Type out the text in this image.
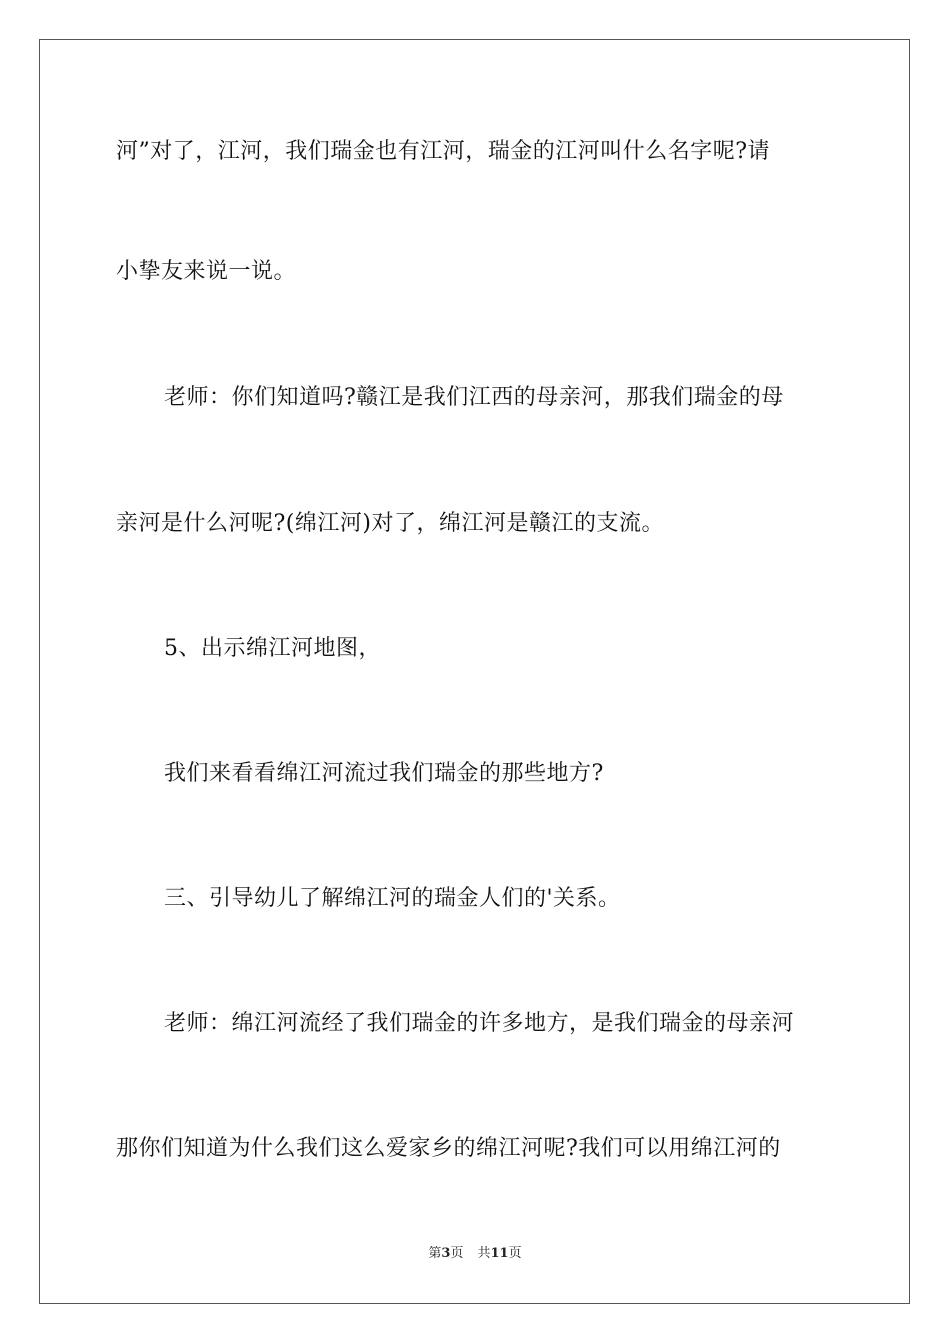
河”对了，江河，我们瑞金也有江河，瑞金的江河叫什么名字呢?请
小挚友来说一说。
老师：你们知道吗?赣江是我们江西的母亲河，那我们瑞金的母
亲河是什么河呢?(绵江河)对了，绵江河是赣江的支流。
5、出示绵江河地图，
我们来看看绵江河流过我们瑞金的那些地方?
三、引导幼儿了解绵江河的瑞金人们的'关系。
老师：绵江河流经了我们瑞金的许多地方，是我们瑞金的母亲河
那你们知道为什么我们这么爱家乡的绵江河呢?我们可以用绵江河的
第3页 共11页
